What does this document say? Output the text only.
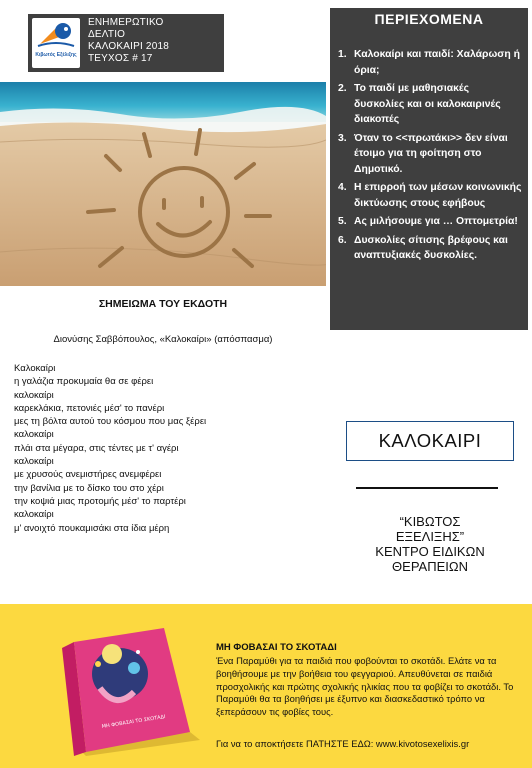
Κιβωτός Εξέλιξης
ΕΝΗΜΕΡΩΤΙΚΟ
ΔΕΛΤΙΟ
ΚΑΛΟΚΑΙΡΙ 2018
ΤΕΥΧΟΣ # 17
ΠΕΡΙΕΧΟΜΕΝΑ
1. Καλοκαίρι και παιδί: Χαλάρωση ή όρια;
2. Το παιδί με μαθησιακές δυσκολίες και οι καλοκαιρινές διακοπές
3. Όταν το <<πρωτάκι>> δεν είναι έτοιμο για τη φοίτηση στο Δημοτικό.
4. Η επιρροή των μέσων κοινωνικής δικτύωσης στους εφήβους
5. Ας μιλήσουμε για … Οπτομετρία!
6. Δυσκολίες σίτισης βρέφους και αναπτυξιακές δυσκολίες.
ΣΗΜΕΙΩΜΑ ΤΟΥ ΕΚΔΟΤΗ
Διονύσης Σαββόπουλος, «Καλοκαίρι» (απόσπασμα)
Καλοκαίρι
η γαλάζια προκυμαία θα σε φέρει
καλοκαίρι
καρεκλάκια, πετονιές μέσ' το πανέρι
μες τη βόλτα αυτού του κόσμου που μας ξέρει
καλοκαίρι
πλάι στα μέγαρα, στις τέντες με τ' αγέρι
καλοκαίρι
με χρυσούς ανεμιστήρες ανεμφέρει
την βανίλια με το δίσκο του στο χέρι
την κοψιά μιας προτομής μέσ' το παρτέρι
καλοκαίρι
μ' ανοιχτό πουκαμισάκι στα ίδια μέρη
ΚΑΛΟΚΑΙΡΙ
“ΚΙΒΩΤΟΣ
ΕΞΕΛΙΞΗΣ”
ΚΕΝΤΡΟ ΕΙΔΙΚΩΝ
ΘΕΡΑΠΕΙΩΝ
ΜΗ ΦΟΒΑΣΑΙ ΤΟ ΣΚΟΤΑΔΙ
ΜΗ ΦΟΒΑΣΑΙ ΤΟ ΣΚΟΤΑΔΙ
Ένα Παραμύθι για τα παιδιά που φοβούνται το σκοτάδι. Ελάτε να τα βοηθήσουμε με την βοήθεια του φεγγαριού. Απευθύνεται σε παιδιά προσχολικής και πρώτης σχολικής ηλικίας που τα φοβίζει το σκοτάδι. Το Παραμύθι θα τα βοηθήσει με έξυπνο και διασκεδαστικό τρόπο να ξεπεράσουν τις φοβίες τους.
Για να το αποκτήσετε ΠΑΤΗΣΤΕ ΕΔΩ: www.kivotosexelixis.gr
